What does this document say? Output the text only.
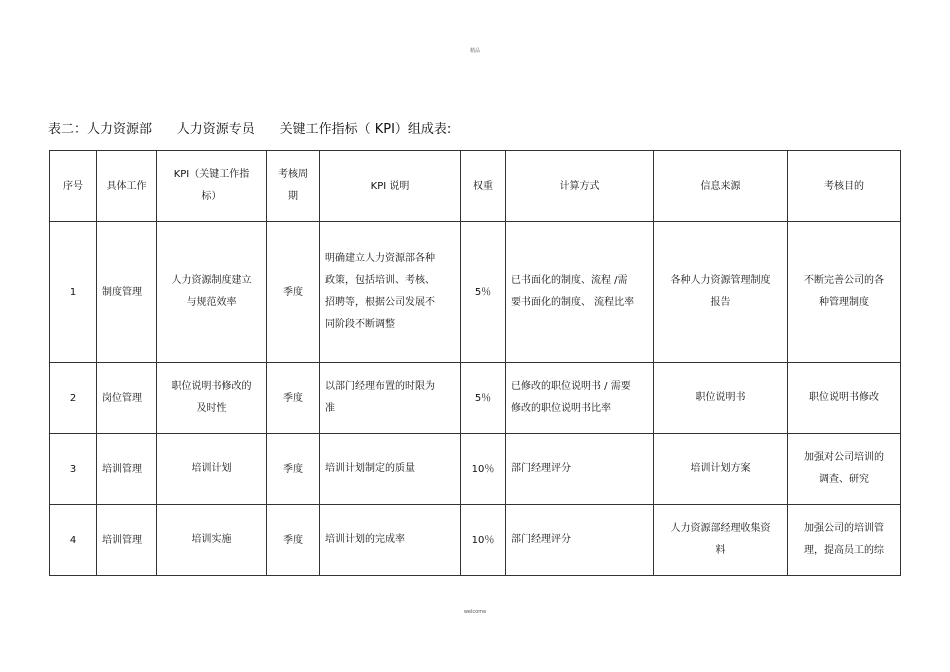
精品
表二：人力资源部      人力资源专员      关键工作指标（ KPI）组成表:
序号	具体工作	KPI（关键工作指
标）	考核周
期	KPI 说明	权重	计算方式	信息来源	考核目的
1	制度管理	人力资源制度建立
与规范效率	季度	明确建立人力资源部各种
政策，包括培训、考核、
招聘等，根据公司发展不
同阶段不断调整	5％	已书面化的制度、流程 /需
要书面化的制度、 流程比率	各种人力资源管理制度
报告	不断完善公司的各
种管理制度

2	岗位管理	职位说明书修改的
及时性	季度	以部门经理布置的时限为
准	5％	已修改的职位说明书 / 需要
修改的职位说明书比率	职位说明书	职位说明书修改

3	培训管理	培训计划	季度	培训计划制定的质量	10％	部门经理评分	培训计划方案	加强对公司培训的
调查、研究

4	培训管理	培训实施	季度	培训计划的完成率	10％	部门经理评分	人力资源部经理收集资
料	加强公司的培训管
理，提高员工的综
welcome
